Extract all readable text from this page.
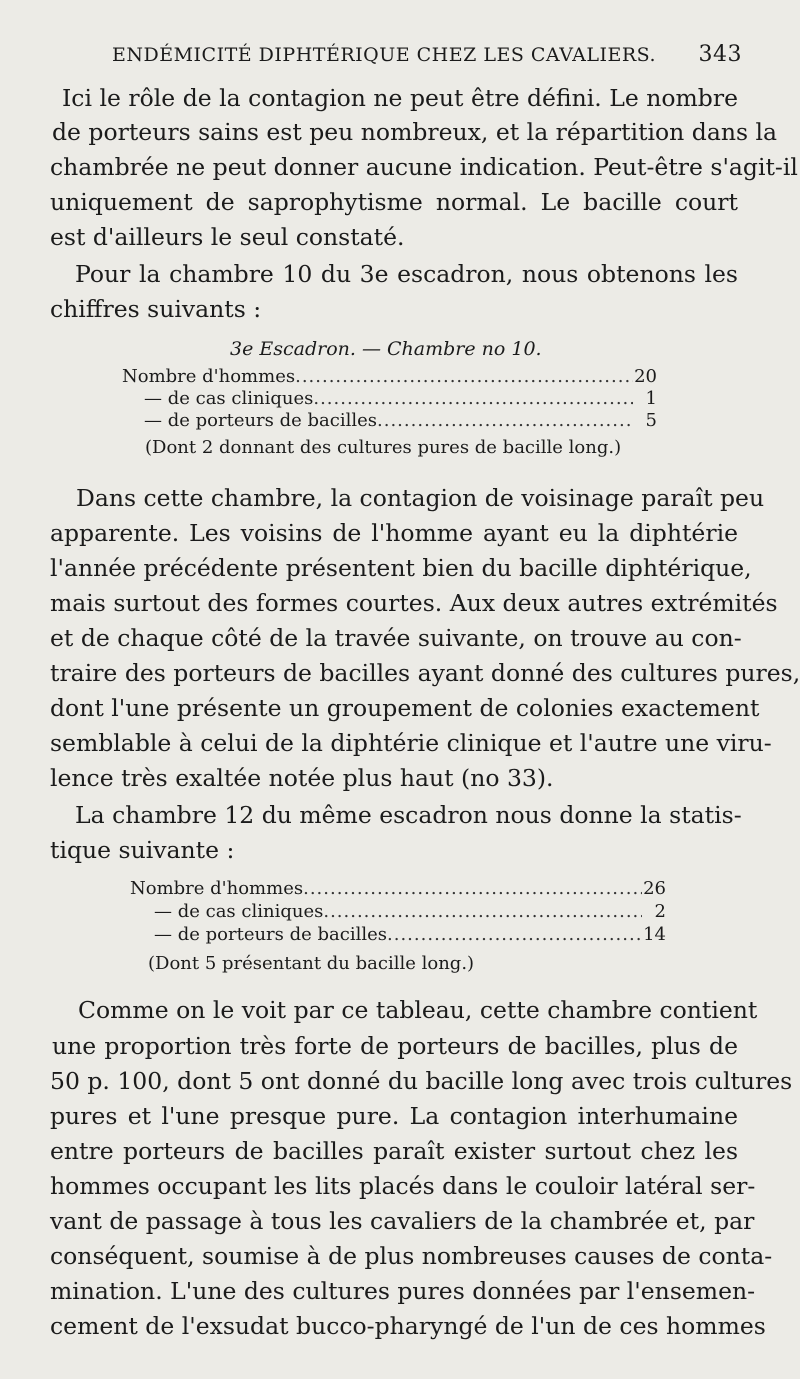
ENDÉMICITÉ DIPHTÉRIQUE CHEZ LES CAVALIERS. 343
Ici le rôle de la contagion ne peut être défini. Le nombre
de porteurs sains est peu nombreux, et la répartition dans la
chambrée ne peut donner aucune indication. Peut-être s'agit-il
uniquement de saprophytisme normal. Le bacille court
est d'ailleurs le seul constaté.
Pour la chambre 10 du 3e escadron, nous obtenons les
chiffres suivants :
3e Escadron. — Chambre no 10.
Nombre d'hommes .....	20
— de cas cliniques .....	1
— de porteurs de bacilles .....	5
(Dont 2 donnant des cultures pures de bacille long.)
Dans cette chambre, la contagion de voisinage paraît peu
apparente. Les voisins de l'homme ayant eu la diphtérie
l'année précédente présentent bien du bacille diphtérique,
mais surtout des formes courtes. Aux deux autres extrémités
et de chaque côté de la travée suivante, on trouve au con-
traire des porteurs de bacilles ayant donné des cultures pures,
dont l'une présente un groupement de colonies exactement
semblable à celui de la diphtérie clinique et l'autre une viru-
lence très exaltée notée plus haut (no 33).
La chambre 12 du même escadron nous donne la statis-
tique suivante :
Nombre d'hommes .....	26
— de cas cliniques .....	2
— de porteurs de bacilles .....	14
(Dont 5 présentant du bacille long.)
Comme on le voit par ce tableau, cette chambre contient
une proportion très forte de porteurs de bacilles, plus de
50 p. 100, dont 5 ont donné du bacille long avec trois cultures
pures et l'une presque pure. La contagion interhumaine
entre porteurs de bacilles paraît exister surtout chez les
hommes occupant les lits placés dans le couloir latéral ser-
vant de passage à tous les cavaliers de la chambrée et, par
conséquent, soumise à de plus nombreuses causes de conta-
mination. L'une des cultures pures données par l'ensemen-
cement de l'exsudat bucco-pharyngé de l'un de ces hommes
